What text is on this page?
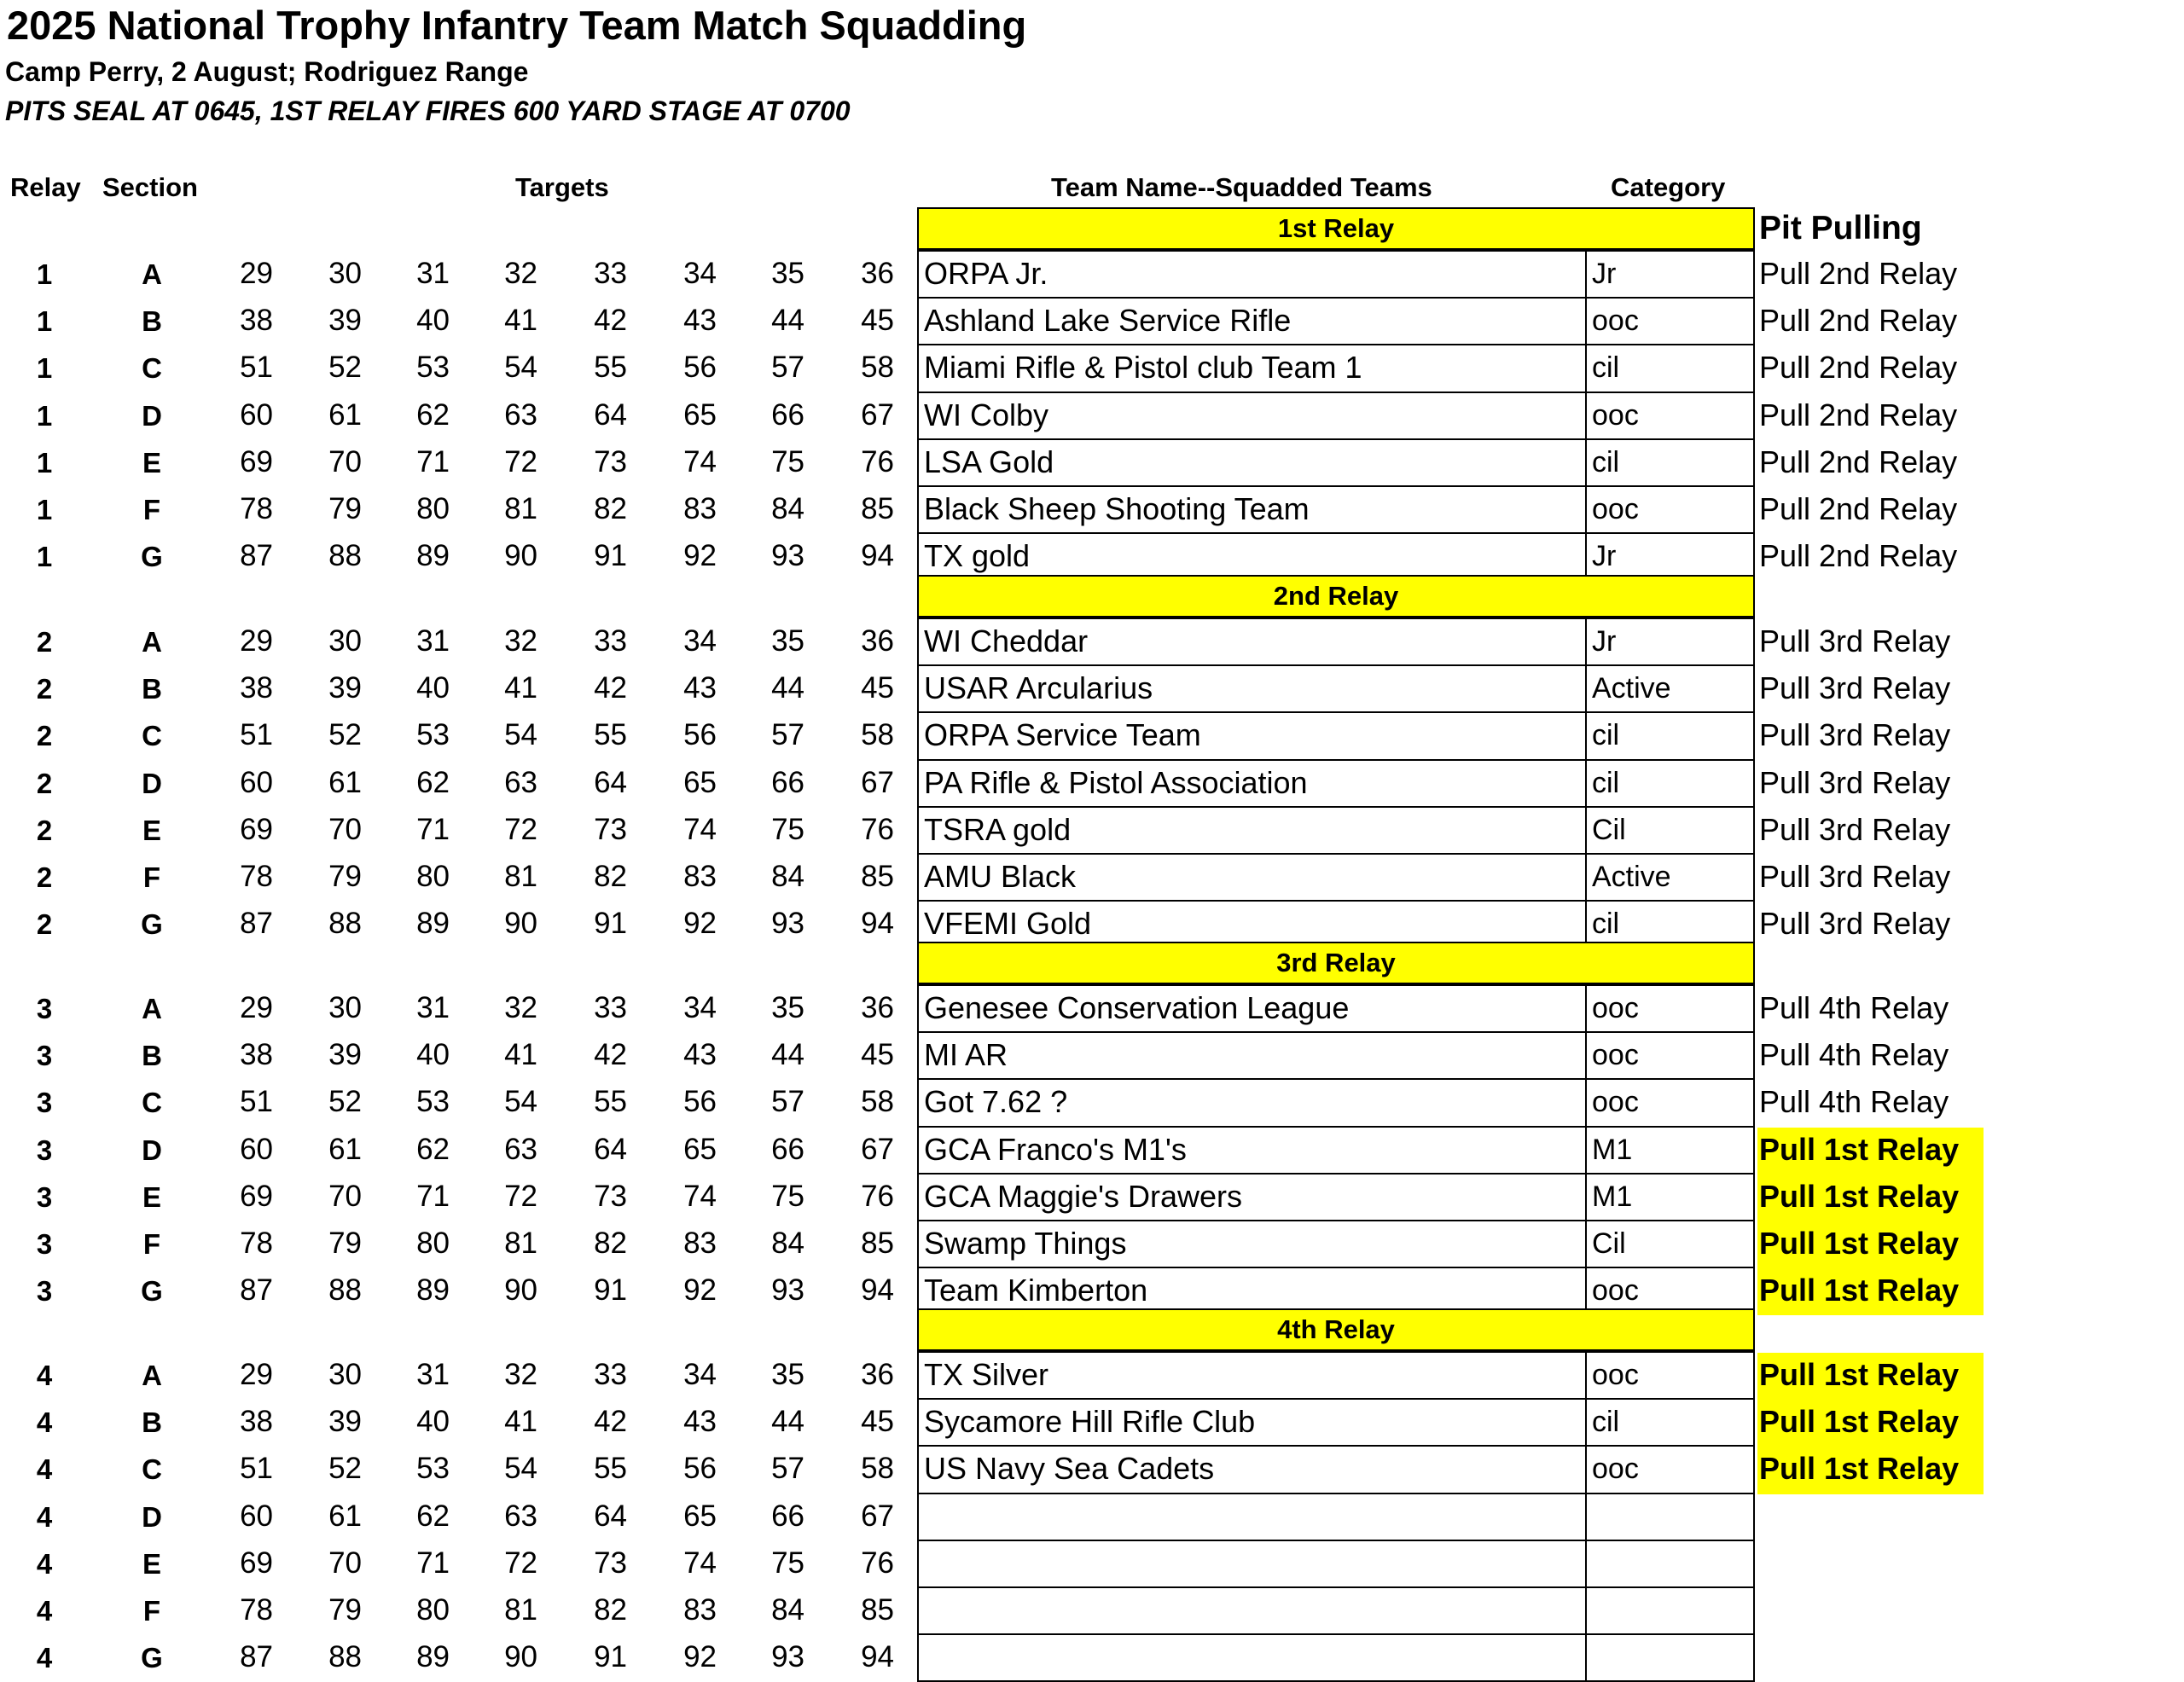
2025 National Trophy Infantry Team Match Squadding
Camp Perry, 2 August; Rodriguez Range
PITS SEAL AT 0645, 1ST RELAY FIRES 600 YARD STAGE AT 0700
Relay Section	Targets	Team Name--Squadded Teams	Category
Pit Pulling
1st Relay
1	A	29	30	31	32	33	34	35	36 ORPA Jr.	Jr	Pull 2nd Relay
1	B	38	39	40	41	42	43	44	45 Ashland Lake Service Rifle	ooc	Pull 2nd Relay
1	C	51	52	53	54	55	56	57	58 Miami Rifle & Pistol club Team 1	cil	Pull 2nd Relay
1	D	60	61	62	63	64	65	66	67 WI Colby	ooc	Pull 2nd Relay
1	E	69	70	71	72	73	74	75	76 LSA Gold	cil	Pull 2nd Relay
1	F	78	79	80	81	82	83	84	85 Black Sheep Shooting Team	ooc	Pull 2nd Relay
1	G	87	88	89	90	91	92	93	94 TX gold	Jr	Pull 2nd Relay
2nd Relay
2	A	29	30	31	32	33	34	35	36 WI Cheddar	Jr	Pull 3rd Relay
2	B	38	39	40	41	42	43	44	45 USAR Arcularius	Active	Pull 3rd Relay
2	C	51	52	53	54	55	56	57	58 ORPA Service Team	cil	Pull 3rd Relay
2	D	60	61	62	63	64	65	66	67 PA Rifle & Pistol Association	cil	Pull 3rd Relay
2	E	69	70	71	72	73	74	75	76 TSRA gold	Cil	Pull 3rd Relay
2	F	78	79	80	81	82	83	84	85 AMU Black	Active	Pull 3rd Relay
2	G	87	88	89	90	91	92	93	94 VFEMI Gold	cil	Pull 3rd Relay
3rd Relay
3	A	29	30	31	32	33	34	35	36 Genesee Conservation League	ooc	Pull 4th Relay
3	B	38	39	40	41	42	43	44	45 MI AR	ooc	Pull 4th Relay
3	C	51	52	53	54	55	56	57	58 Got 7.62 ?	ooc	Pull 4th Relay
3	D	60	61	62	63	64	65	66	67 GCA Franco's M1's	M1	Pull 1st Relay
3	E	69	70	71	72	73	74	75	76 GCA Maggie's Drawers	M1	Pull 1st Relay
3	F	78	79	80	81	82	83	84	85 Swamp Things	Cil	Pull 1st Relay
3	G	87	88	89	90	91	92	93	94 Team Kimberton	ooc	Pull 1st Relay
4th Relay
4	A	29	30	31	32	33	34	35	36 TX Silver	ooc	Pull 1st Relay
4	B	38	39	40	41	42	43	44	45 Sycamore Hill Rifle Club	cil	Pull 1st Relay
4	C	51	52	53	54	55	56	57	58 US Navy Sea Cadets	ooc	Pull 1st Relay
4	D	60	61	62	63	64	65	66	67
4	E	69	70	71	72	73	74	75	76
4	F	78	79	80	81	82	83	84	85
4	G	87	88	89	90	91	92	93	94
